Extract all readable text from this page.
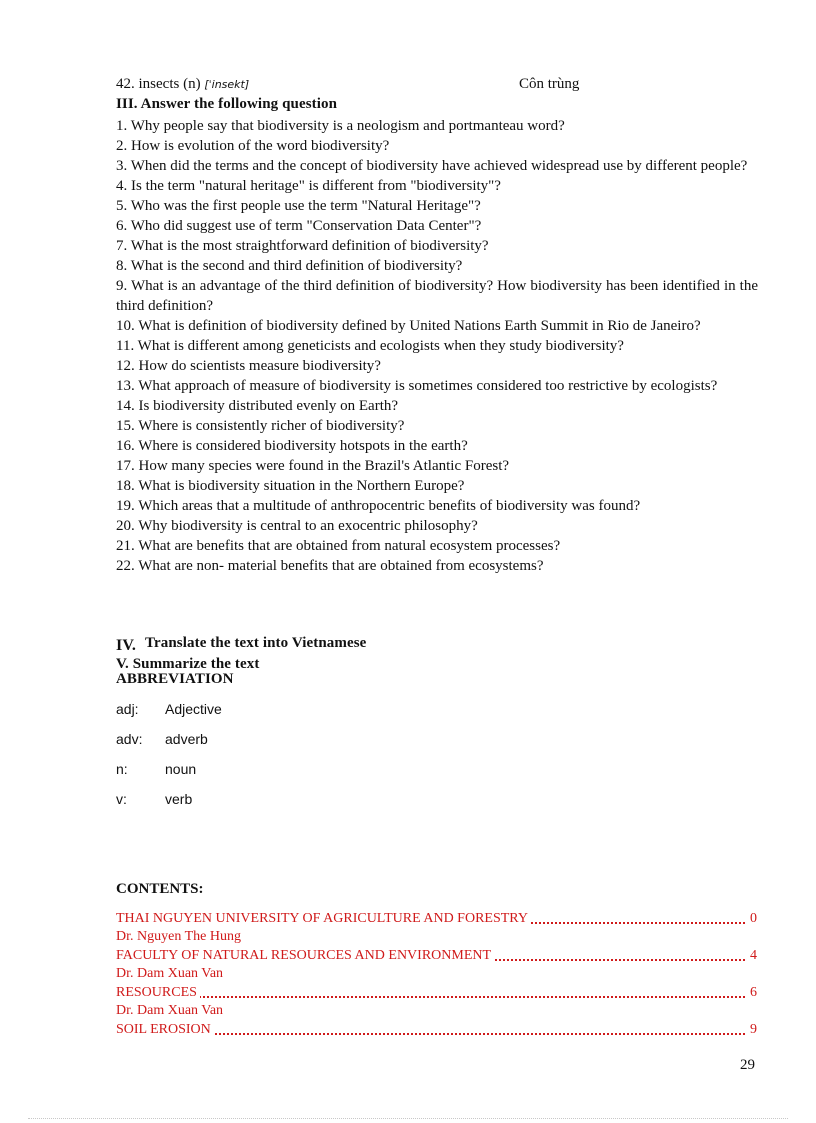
42. insects (n) [ˈinsekt]	Côn trùng
III. Answer the following question
1. Why people say that biodiversity is a neologism and portmanteau word?
2. How is evolution of the word biodiversity?
3. When did the terms and the concept of biodiversity have achieved widespread use by different people?
4. Is the term "natural heritage" is different from "biodiversity"?
5. Who was the first people use the term "Natural Heritage"?
6. Who did suggest use of term "Conservation Data Center"?
7. What is the most straightforward definition of biodiversity?
8. What is the second and third definition of biodiversity?
9. What is an advantage of the third definition of biodiversity? How biodiversity has been identified in the third definition?
10. What is definition of biodiversity defined by United Nations Earth Summit in Rio de Janeiro?
11. What is different among geneticists and ecologists when they study biodiversity?
12. How do scientists measure biodiversity?
13. What approach of measure of biodiversity is sometimes considered too restrictive by ecologists?
14. Is biodiversity distributed evenly on Earth?
15. Where is consistently richer of biodiversity?
16. Where is considered biodiversity hotspots in the earth?
17. How many species were found in the Brazil's Atlantic Forest?
18. What is biodiversity situation in the Northern Europe?
19. Which areas that a multitude of anthropocentric benefits of biodiversity was found?
20. Why biodiversity is central to an exocentric philosophy?
21. What are benefits that are obtained from natural ecosystem processes?
22. What are non- material benefits that are obtained from ecosystems?
IV. Translate the text into Vietnamese
V. Summarize the text
ABBREVIATION
adj: Adjective
adv: adverb
n:	noun
v:	verb
CONTENTS:
THAI NGUYEN UNIVERSITY OF AGRICULTURE AND FORESTRY	0
Dr. Nguyen The Hung
FACULTY OF NATURAL RESOURCES AND ENVIRONMENT	4
Dr. Dam Xuan Van
RESOURCES	6
Dr. Dam Xuan Van
SOIL EROSION	9
29
